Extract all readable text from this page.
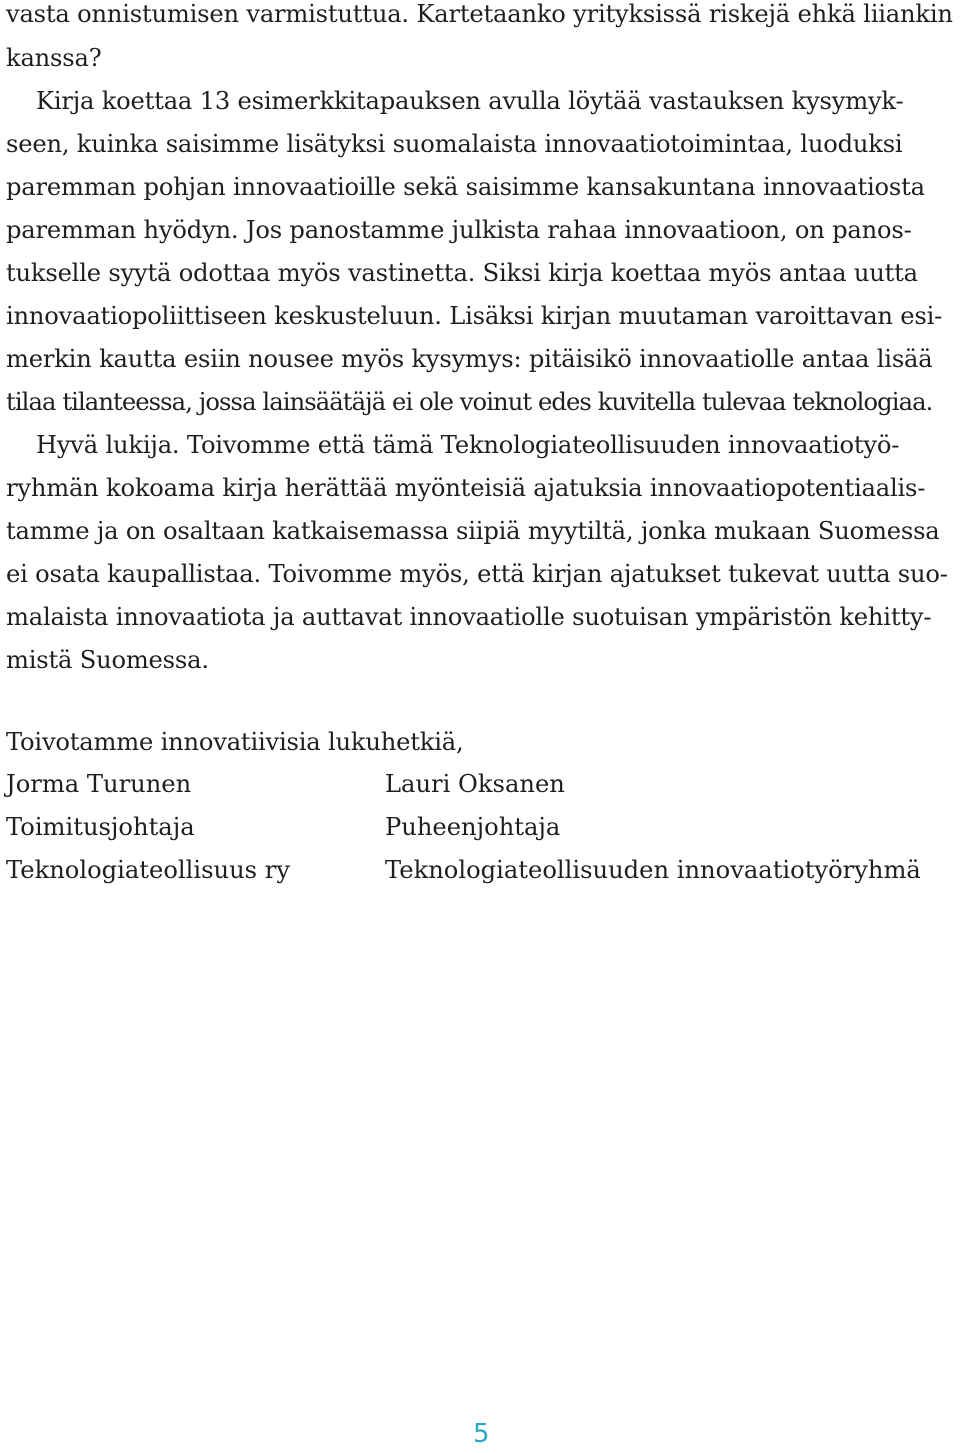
vasta onnistumisen varmistuttua. Kartetaanko yrityksissä riskejä ehkä liiankin
kanssa?
Kirja koettaa 13 esimerkkitapauksen avulla löytää vastauksen kysymyk-
seen, kuinka saisimme lisätyksi suomalaista innovaatiotoimintaa, luoduksi
paremman pohjan innovaatioille sekä saisimme kansakuntana innovaatiosta
paremman hyödyn. Jos panostamme julkista rahaa innovaatioon, on panos-
tukselle syytä odottaa myös vastinetta. Siksi kirja koettaa myös antaa uutta
innovaatiopoliittiseen keskusteluun. Lisäksi kirjan muutaman varoittavan esi-
merkin kautta esiin nousee myös kysymys: pitäisikö innovaatiolle antaa lisää
tilaa tilanteessa, jossa lainsäätäjä ei ole voinut edes kuvitella tulevaa teknologiaa.
Hyvä lukija. Toivomme että tämä Teknologiateollisuuden innovaatiotyö-
ryhmän kokoama kirja herättää myönteisiä ajatuksia innovaatiopotentiaalis-
tamme ja on osaltaan katkaisemassa siipiä myytiltä, jonka mukaan Suomessa
ei osata kaupallistaa. Toivomme myös, että kirjan ajatukset tukevat uutta suo-
malaista innovaatiota ja auttavat innovaatiolle suotuisan ympäristön kehitty-
mistä Suomessa.
Toivotamme innovatiivisia lukuhetkiä,
Jorma Turunen
Toimitusjohtaja
Teknologiateollisuus ry
Lauri Oksanen
Puheenjohtaja
Teknologiateollisuuden innovaatiotyöryhmä
5
